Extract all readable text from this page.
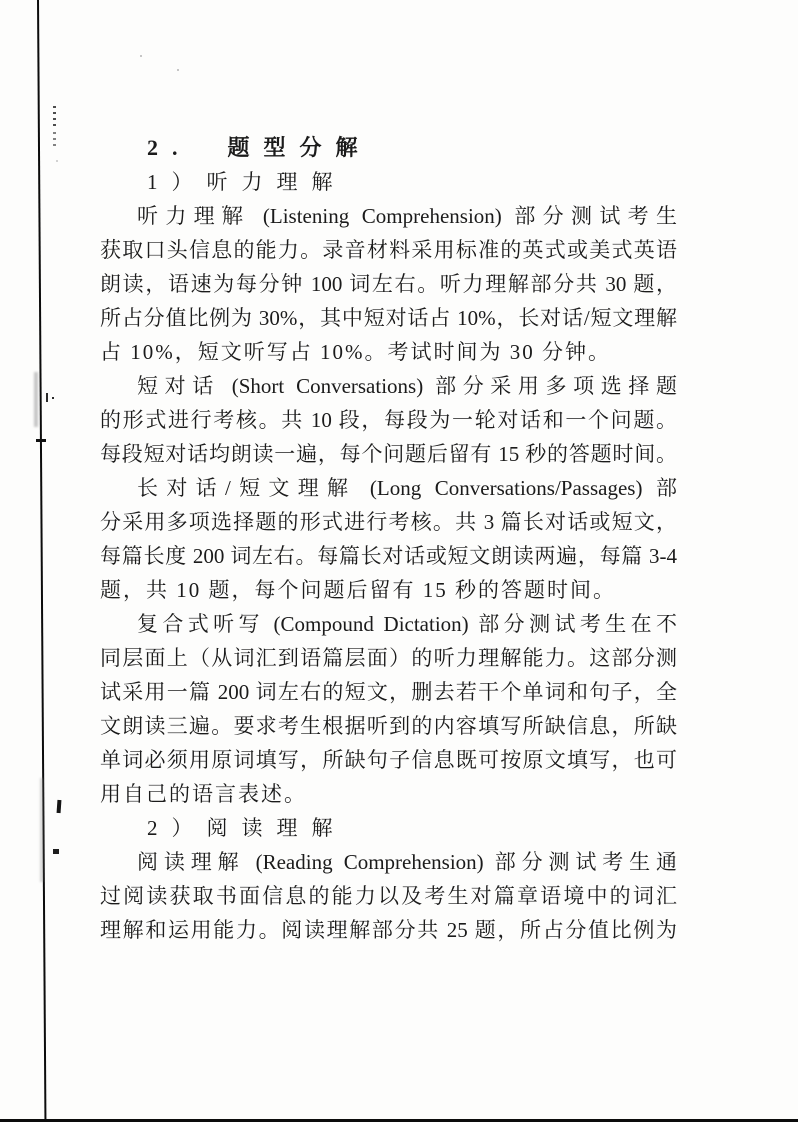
2.　题型分解
1）听力理解
听力理解 (Listening Comprehension) 部分测试考生
获取口头信息的能力。录音材料采用标准的英式或美式英语
朗读，语速为每分钟 100 词左右。听力理解部分共 30 题，
所占分值比例为 30%，其中短对话占 10%，长对话/短文理解
占 10%，短文听写占 10%。考试时间为 30 分钟。
短对话 (Short Conversations) 部分采用多项选择题
的形式进行考核。共 10 段，每段为一轮对话和一个问题。
每段短对话均朗读一遍，每个问题后留有 15 秒的答题时间。
长对话/短文理解 (Long Conversations/Passages) 部
分采用多项选择题的形式进行考核。共 3 篇长对话或短文，
每篇长度 200 词左右。每篇长对话或短文朗读两遍，每篇 3-4
题，共 10 题，每个问题后留有 15 秒的答题时间。
复合式听写 (Compound Dictation) 部分测试考生在不
同层面上（从词汇到语篇层面）的听力理解能力。这部分测
试采用一篇 200 词左右的短文，删去若干个单词和句子，全
文朗读三遍。要求考生根据听到的内容填写所缺信息，所缺
单词必须用原词填写，所缺句子信息既可按原文填写，也可
用自己的语言表述。
2）阅读理解
阅读理解 (Reading Comprehension) 部分测试考生通
过阅读获取书面信息的能力以及考生对篇章语境中的词汇
理解和运用能力。阅读理解部分共 25 题，所占分值比例为
